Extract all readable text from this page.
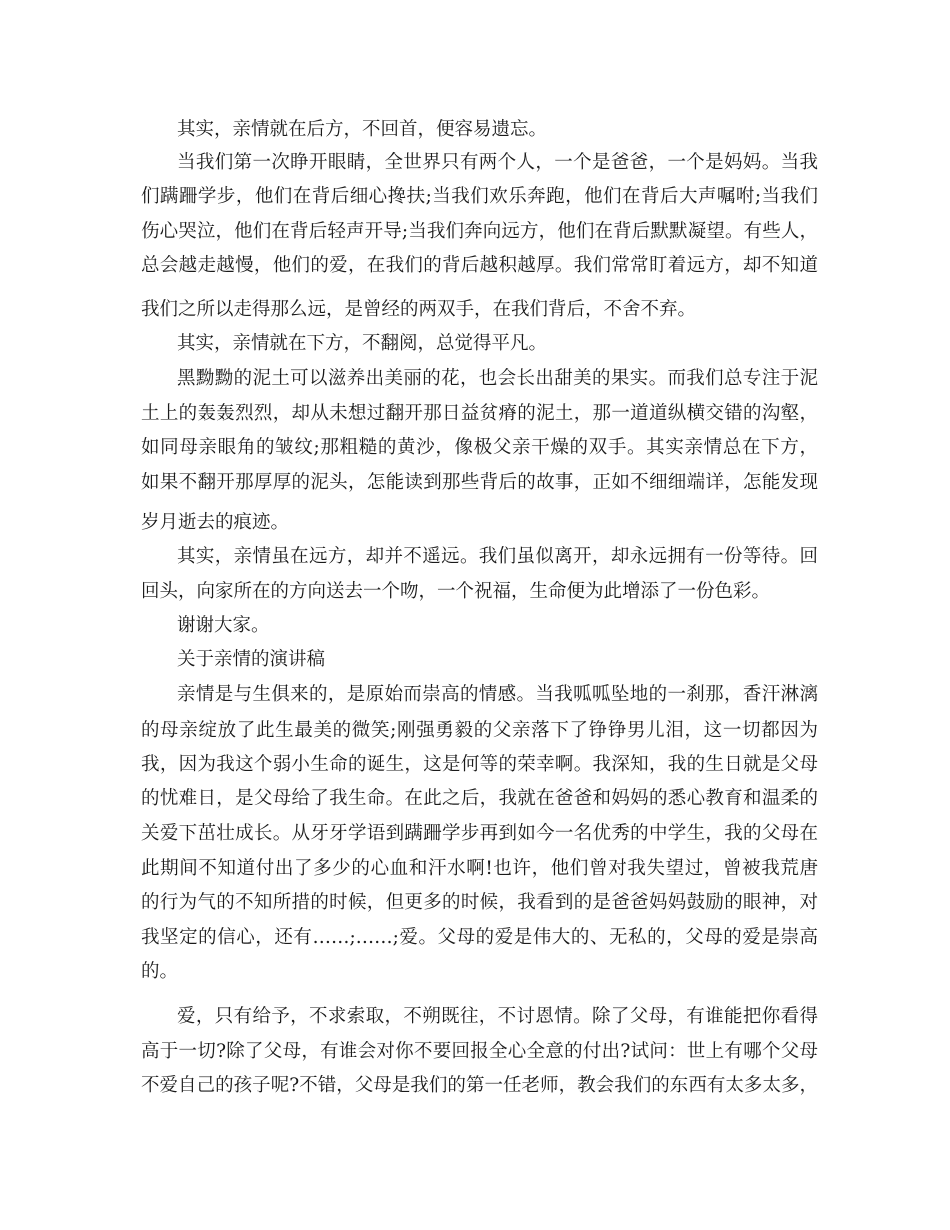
其实，亲情就在后方，不回首，便容易遗忘。
当我们第一次睁开眼睛，全世界只有两个人，一个是爸爸，一个是妈妈。当我
们蹒跚学步，他们在背后细心搀扶;当我们欢乐奔跑，他们在背后大声嘱咐;当我们
伤心哭泣，他们在背后轻声开导;当我们奔向远方，他们在背后默默凝望。有些人，
总会越走越慢，他们的爱，在我们的背后越积越厚。我们常常盯着远方，却不知道
我们之所以走得那么远，是曾经的两双手，在我们背后，不舍不弃。
其实，亲情就在下方，不翻阅，总觉得平凡。
黑黝黝的泥土可以滋养出美丽的花，也会长出甜美的果实。而我们总专注于泥
土上的轰轰烈烈，却从未想过翻开那日益贫瘠的泥土，那一道道纵横交错的沟壑，
如同母亲眼角的皱纹;那粗糙的黄沙，像极父亲干燥的双手。其实亲情总在下方，
如果不翻开那厚厚的泥头，怎能读到那些背后的故事，正如不细细端详，怎能发现
岁月逝去的痕迹。
其实，亲情虽在远方，却并不遥远。我们虽似离开，却永远拥有一份等待。回
回头，向家所在的方向送去一个吻，一个祝福，生命便为此增添了一份色彩。
谢谢大家。
关于亲情的演讲稿
亲情是与生俱来的，是原始而崇高的情感。当我呱呱坠地的一刹那，香汗淋漓
的母亲绽放了此生最美的微笑;刚强勇毅的父亲落下了铮铮男儿泪，这一切都因为
我，因为我这个弱小生命的诞生，这是何等的荣幸啊。我深知，我的生日就是父母
的忧难日，是父母给了我生命。在此之后，我就在爸爸和妈妈的悉心教育和温柔的
关爱下茁壮成长。从牙牙学语到蹒跚学步再到如今一名优秀的中学生，我的父母在
此期间不知道付出了多少的心血和汗水啊!也许，他们曾对我失望过，曾被我荒唐
的行为气的不知所措的时候，但更多的时候，我看到的是爸爸妈妈鼓励的眼神，对
我坚定的信心，还有……;……;爱。父母的爱是伟大的、无私的，父母的爱是崇高
的。
爱，只有给予，不求索取，不朔既往，不讨恩情。除了父母，有谁能把你看得
高于一切?除了父母，有谁会对你不要回报全心全意的付出?试问：世上有哪个父母
不爱自己的孩子呢?不错，父母是我们的第一任老师，教会我们的东西有太多太多，
